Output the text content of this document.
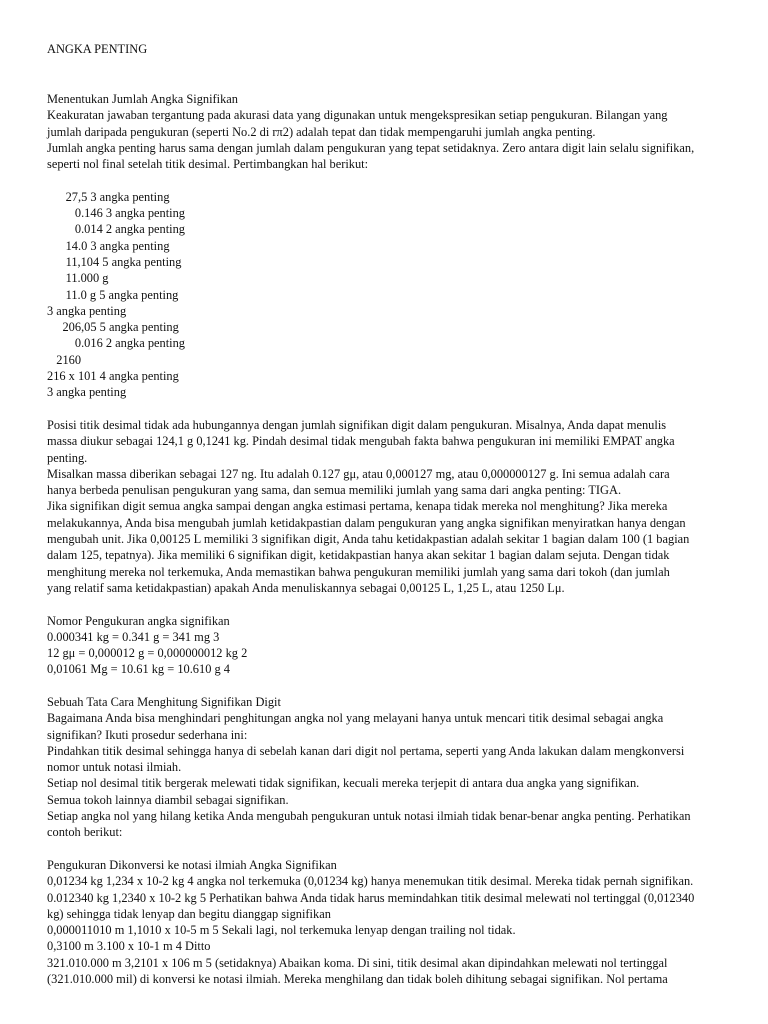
ANGKA PENTING
Menentukan Jumlah Angka Signifikan
Keakuratan jawaban tergantung pada akurasi data yang digunakan untuk mengekspresikan setiap pengukuran. Bilangan yang
jumlah daripada pengukuran (seperti No.2 di rπ2) adalah tepat dan tidak mempengaruhi jumlah angka penting.
Jumlah angka penting harus sama dengan jumlah dalam pengukuran yang tepat setidaknya. Zero antara digit lain selalu signifikan,
seperti nol final setelah titik desimal. Pertimbangkan hal berikut:
27,5 3 angka penting
0.146 3 angka penting
0.014 2 angka penting
14.0 3 angka penting
11,104 5 angka penting
11.000 g
11.0 g 5 angka penting
3 angka penting
206,05 5 angka penting
0.016 2 angka penting
2160
216 x 101 4 angka penting
3 angka penting
Posisi titik desimal tidak ada hubungannya dengan jumlah signifikan digit dalam pengukuran. Misalnya, Anda dapat menulis
massa diukur sebagai 124,1 g 0,1241 kg. Pindah desimal tidak mengubah fakta bahwa pengukuran ini memiliki EMPAT angka
penting.
Misalkan massa diberikan sebagai 127 ng. Itu adalah 0.127 gμ, atau 0,000127 mg, atau 0,000000127 g. Ini semua adalah cara
hanya berbeda penulisan pengukuran yang sama, dan semua memiliki jumlah yang sama dari angka penting: TIGA.
Jika signifikan digit semua angka sampai dengan angka estimasi pertama, kenapa tidak mereka nol menghitung? Jika mereka
melakukannya, Anda bisa mengubah jumlah ketidakpastian dalam pengukuran yang angka signifikan menyiratkan hanya dengan
mengubah unit. Jika 0,00125 L memiliki 3 signifikan digit, Anda tahu ketidakpastian adalah sekitar 1 bagian dalam 100 (1 bagian
dalam 125, tepatnya). Jika memiliki 6 signifikan digit, ketidakpastian hanya akan sekitar 1 bagian dalam sejuta. Dengan tidak
menghitung mereka nol terkemuka, Anda memastikan bahwa pengukuran memiliki jumlah yang sama dari tokoh (dan jumlah
yang relatif sama ketidakpastian) apakah Anda menuliskannya sebagai 0,00125 L, 1,25 L, atau 1250 Lμ.
Nomor Pengukuran angka signifikan
0.000341 kg = 0.341 g = 341 mg 3
12 gμ = 0,000012 g = 0,000000012 kg 2
0,01061 Mg = 10.61 kg = 10.610 g 4
Sebuah Tata Cara Menghitung Signifikan Digit
Bagaimana Anda bisa menghindari penghitungan angka nol yang melayani hanya untuk mencari titik desimal sebagai angka
signifikan? Ikuti prosedur sederhana ini:
Pindahkan titik desimal sehingga hanya di sebelah kanan dari digit nol pertama, seperti yang Anda lakukan dalam mengkonversi
nomor untuk notasi ilmiah.
Setiap nol desimal titik bergerak melewati tidak signifikan, kecuali mereka terjepit di antara dua angka yang signifikan.
Semua tokoh lainnya diambil sebagai signifikan.
Setiap angka nol yang hilang ketika Anda mengubah pengukuran untuk notasi ilmiah tidak benar-benar angka penting. Perhatikan
contoh berikut:
Pengukuran Dikonversi ke notasi ilmiah Angka Signifikan
0,01234 kg 1,234 x 10-2 kg 4 angka nol terkemuka (0,01234 kg) hanya menemukan titik desimal. Mereka tidak pernah signifikan.
0.012340 kg 1,2340 x 10-2 kg 5 Perhatikan bahwa Anda tidak harus memindahkan titik desimal melewati nol tertinggal (0,012340
kg) sehingga tidak lenyap dan begitu dianggap signifikan
0,000011010 m 1,1010 x 10-5 m 5 Sekali lagi, nol terkemuka lenyap dengan trailing nol tidak.
0,3100 m 3.100 x 10-1 m 4 Ditto
321.010.000 m 3,2101 x 106 m 5 (setidaknya) Abaikan koma. Di sini, titik desimal akan dipindahkan melewati nol tertinggal
(321.010.000 mil) di konversi ke notasi ilmiah. Mereka menghilang dan tidak boleh dihitung sebagai signifikan. Nol pertama
